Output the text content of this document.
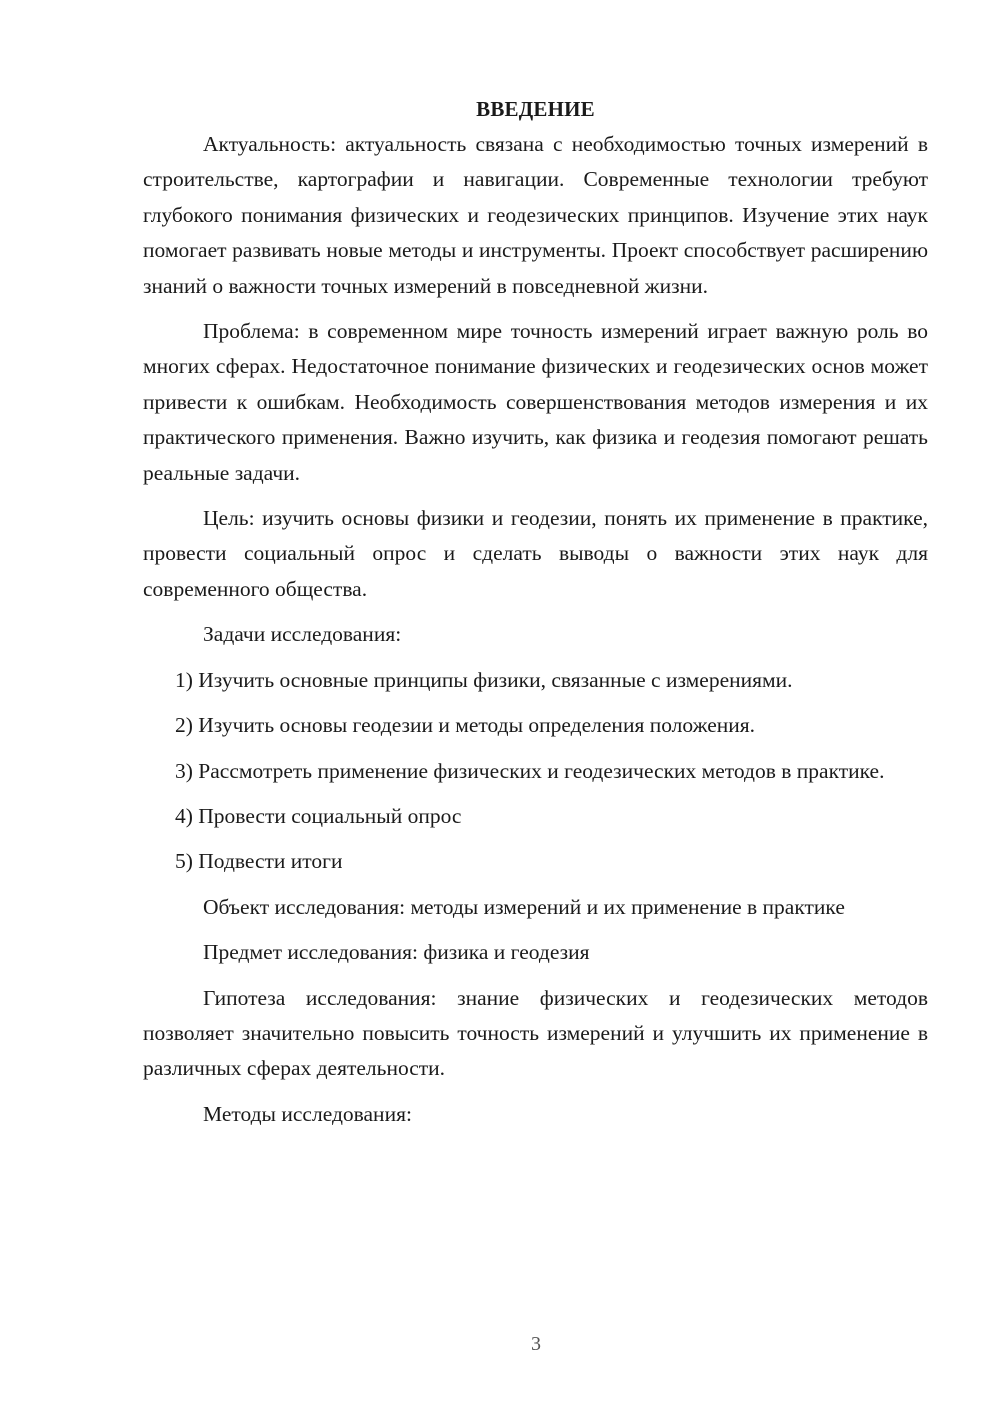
ВВЕДЕНИЕ

Актуальность: актуальность связана с необходимостью точных измерений в строительстве, картографии и навигации. Современные технологии требуют глубокого понимания физических и геодезических принципов. Изучение этих наук помогает развивать новые методы и инструменты. Проект способствует расширению знаний о важности точных измерений в повседневной жизни.

Проблема: в современном мире точность измерений играет важную роль во многих сферах. Недостаточное понимание физических и геодезических основ может привести к ошибкам. Необходимость совершенствования методов измерения и их практического применения. Важно изучить, как физика и геодезия помогают решать реальные задачи.

Цель: изучить основы физики и геодезии, понять их применение в практике, провести социальный опрос и сделать выводы о важности этих наук для современного общества.

Задачи исследования:

1) Изучить основные принципы физики, связанные с измерениями.

2) Изучить основы геодезии и методы определения положения.

3) Рассмотреть применение физических и геодезических методов в практике.

4) Провести социальный опрос

5) Подвести итоги

Объект исследования: методы измерений и их применение в практике

Предмет исследования: физика и геодезия

Гипотеза исследования: знание физических и геодезических методов позволяет значительно повысить точность измерений и улучшить их применение в различных сферах деятельности.

Методы исследования:

3
